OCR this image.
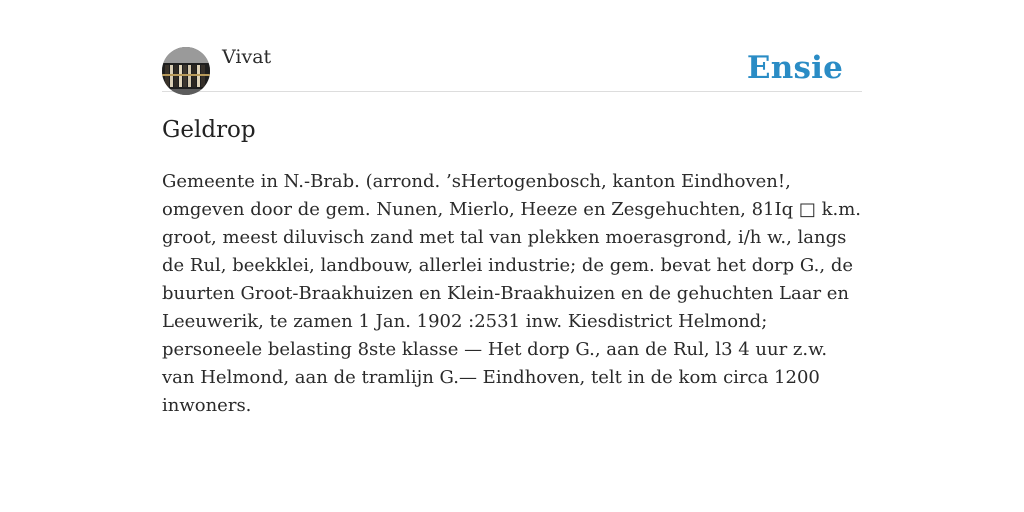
Vivat	Ensie
Geldrop

Gemeente in N.-Brab. (arrond. ’sHertogenbosch, kanton Eindhoven!, omgeven door de gem. Nunen, Mierlo, Heeze en Zesgehuchten, 81Iq □ k.m. groot, meest diluvisch zand met tal van plekken moerasgrond, i/h w., langs de Rul, beekklei, landbouw, allerlei industrie; de gem. bevat het dorp G., de buurten Groot-Braakhuizen en Klein-Braakhuizen en de gehuchten Laar en Leeuwerik, te zamen 1 Jan. 1902 :2531 inw. Kiesdistrict Helmond; personeele belasting 8ste klasse — Het dorp G., aan de Rul, l3 4 uur z.w. van Helmond, aan de tramlijn G.— Eindhoven, telt in de kom circa 1200 inwoners.
